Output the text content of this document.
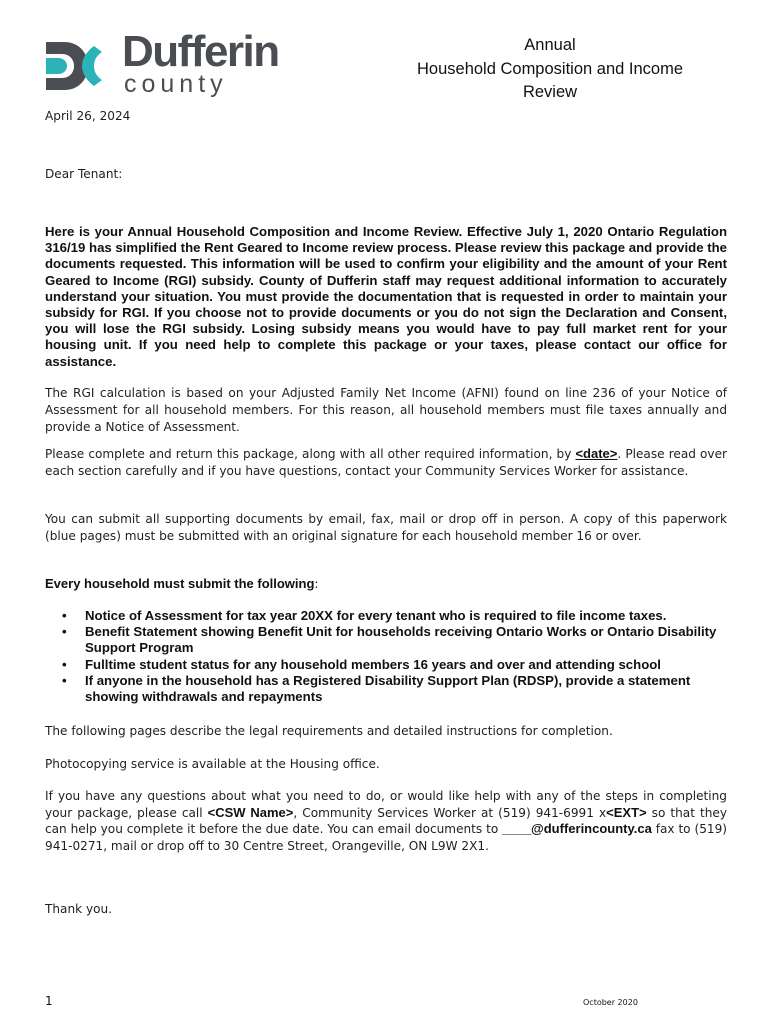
Dufferin
county
Annual
Household Composition and Income
Review
April 26, 2024
Dear Tenant:
Here is your Annual Household Composition and Income Review. Effective July 1, 2020 Ontario Regulation 316/19 has simplified the Rent Geared to Income review process. Please review this package and provide the documents requested. This information will be used to confirm your eligibility and the amount of your Rent Geared to Income (RGI) subsidy. County of Dufferin staff may request additional information to accurately understand your situation. You must provide the documentation that is requested in order to maintain your subsidy for RGI. If you choose not to provide documents or you do not sign the Declaration and Consent, you will lose the RGI subsidy. Losing subsidy means you would have to pay full market rent for your housing unit. If you need help to complete this package or your taxes, please contact our office for assistance.
The RGI calculation is based on your Adjusted Family Net Income (AFNI) found on line 236 of your Notice of Assessment for all household members. For this reason, all household members must file taxes annually and provide a Notice of Assessment.
Please complete and return this package, along with all other required information, by <date>. Please read over each section carefully and if you have questions, contact your Community Services Worker for assistance.
You can submit all supporting documents by email, fax, mail or drop off in person. A copy of this paperwork (blue pages) must be submitted with an original signature for each household member 16 or over.
Every household must submit the following:
• Notice of Assessment for tax year 20XX for every tenant who is required to file income taxes.
• Benefit Statement showing Benefit Unit for households receiving Ontario Works or Ontario Disability Support Program
• Fulltime student status for any household members 16 years and over and attending school
• If anyone in the household has a Registered Disability Support Plan (RDSP), provide a statement showing withdrawals and repayments
The following pages describe the legal requirements and detailed instructions for completion.
Photocopying service is available at the Housing office.
If you have any questions about what you need to do, or would like help with any of the steps in completing your package, please call <CSW Name>, Community Services Worker at (519) 941-6991 x<EXT> so that they can help you complete it before the due date. You can email documents to ____@dufferincounty.ca fax to (519) 941-0271, mail or drop off to 30 Centre Street, Orangeville, ON L9W 2X1.
Thank you.
1	October 2020
